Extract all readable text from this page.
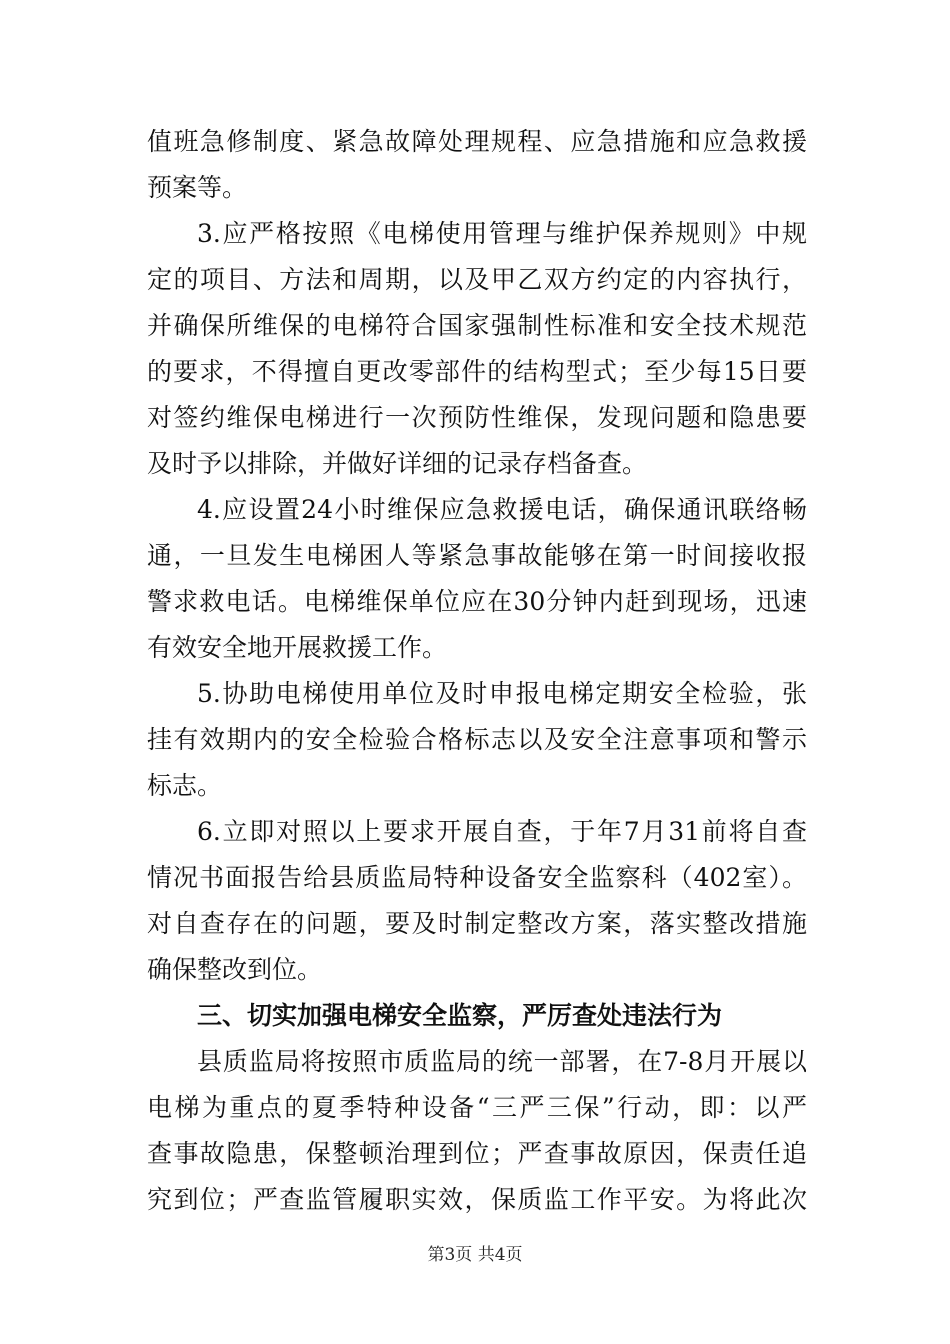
值班急修制度、紧急故障处理规程、应急措施和应急救援
预案等。
3.应严格按照《电梯使用管理与维护保养规则》中规
定的项目、方法和周期，以及甲乙双方约定的内容执行，
并确保所维保的电梯符合国家强制性标准和安全技术规范
的要求，不得擅自更改零部件的结构型式；至少每15日要
对签约维保电梯进行一次预防性维保，发现问题和隐患要
及时予以排除，并做好详细的记录存档备查。
4.应设置24小时维保应急救援电话，确保通讯联络畅
通，一旦发生电梯困人等紧急事故能够在第一时间接收报
警求救电话。电梯维保单位应在30分钟内赶到现场，迅速
有效安全地开展救援工作。
5.协助电梯使用单位及时申报电梯定期安全检验，张
挂有效期内的安全检验合格标志以及安全注意事项和警示
标志。
6.立即对照以上要求开展自查，于年7月31前将自查
情况书面报告给县质监局特种设备安全监察科（402室）。
对自查存在的问题，要及时制定整改方案，落实整改措施
确保整改到位。
三、切实加强电梯安全监察，严厉查处违法行为
县质监局将按照市质监局的统一部署，在7-8月开展以
电梯为重点的夏季特种设备“三严三保”行动，即：以严
查事故隐患，保整顿治理到位；严查事故原因，保责任追
究到位；严查监管履职实效，保质监工作平安。为将此次
第3页 共4页
